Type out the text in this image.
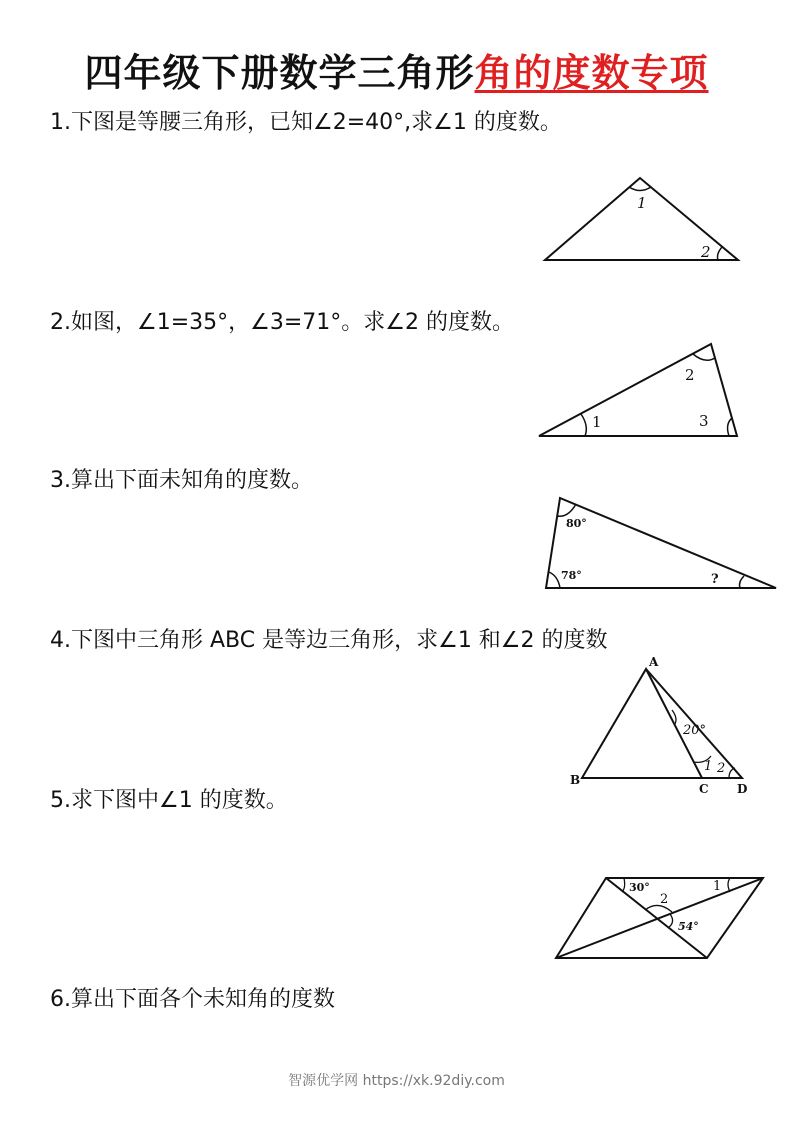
四年级下册数学三角形角的度数专项
1.下图是等腰三角形，已知∠2=40°,求∠1 的度数。
1
2
2.如图，∠1=35°，∠3=71°。求∠2 的度数。
1
2
3
3.算出下面未知角的度数。
80°
78°	?
4.下图中三角形 ABC 是等边三角形，求∠1 和∠2 的度数
A
B
C D
20°
1 2
5.求下图中∠1 的度数。
30°	1
2
54°
6.算出下面各个未知角的度数
智源优学网 https://xk.92diy.com
